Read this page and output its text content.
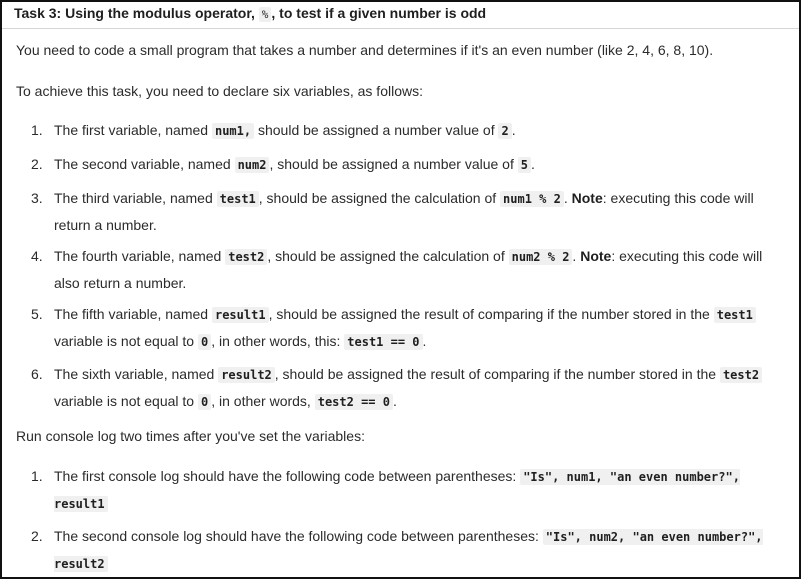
Task 3: Using the modulus operator, % , to test if a given number is odd
You need to code a small program that takes a number and determines if it's an even number (like 2, 4, 6, 8, 10).
To achieve this task, you need to declare six variables, as follows:
1. The first variable, named num1, should be assigned a number value of 2 .
2. The second variable, named num2 , should be assigned a number value of 5 .
3. The third variable, named test1 , should be assigned the calculation of num1 % 2 . Note: executing this code will return a number.
4. The fourth variable, named test2 , should be assigned the calculation of num2 % 2 . Note: executing this code will also return a number.
5. The fifth variable, named result1 , should be assigned the result of comparing if the number stored in the test1 variable is not equal to 0 , in other words, this: test1 == 0 .
6. The sixth variable, named result2 , should be assigned the result of comparing if the number stored in the test2 variable is not equal to 0 , in other words, test2 == 0 .
Run console log two times after you've set the variables:
1. The first console log should have the following code between parentheses: "Is", num1, "an even number?", result1
2. The second console log should have the following code between parentheses: "Is", num2, "an even number?", result2
